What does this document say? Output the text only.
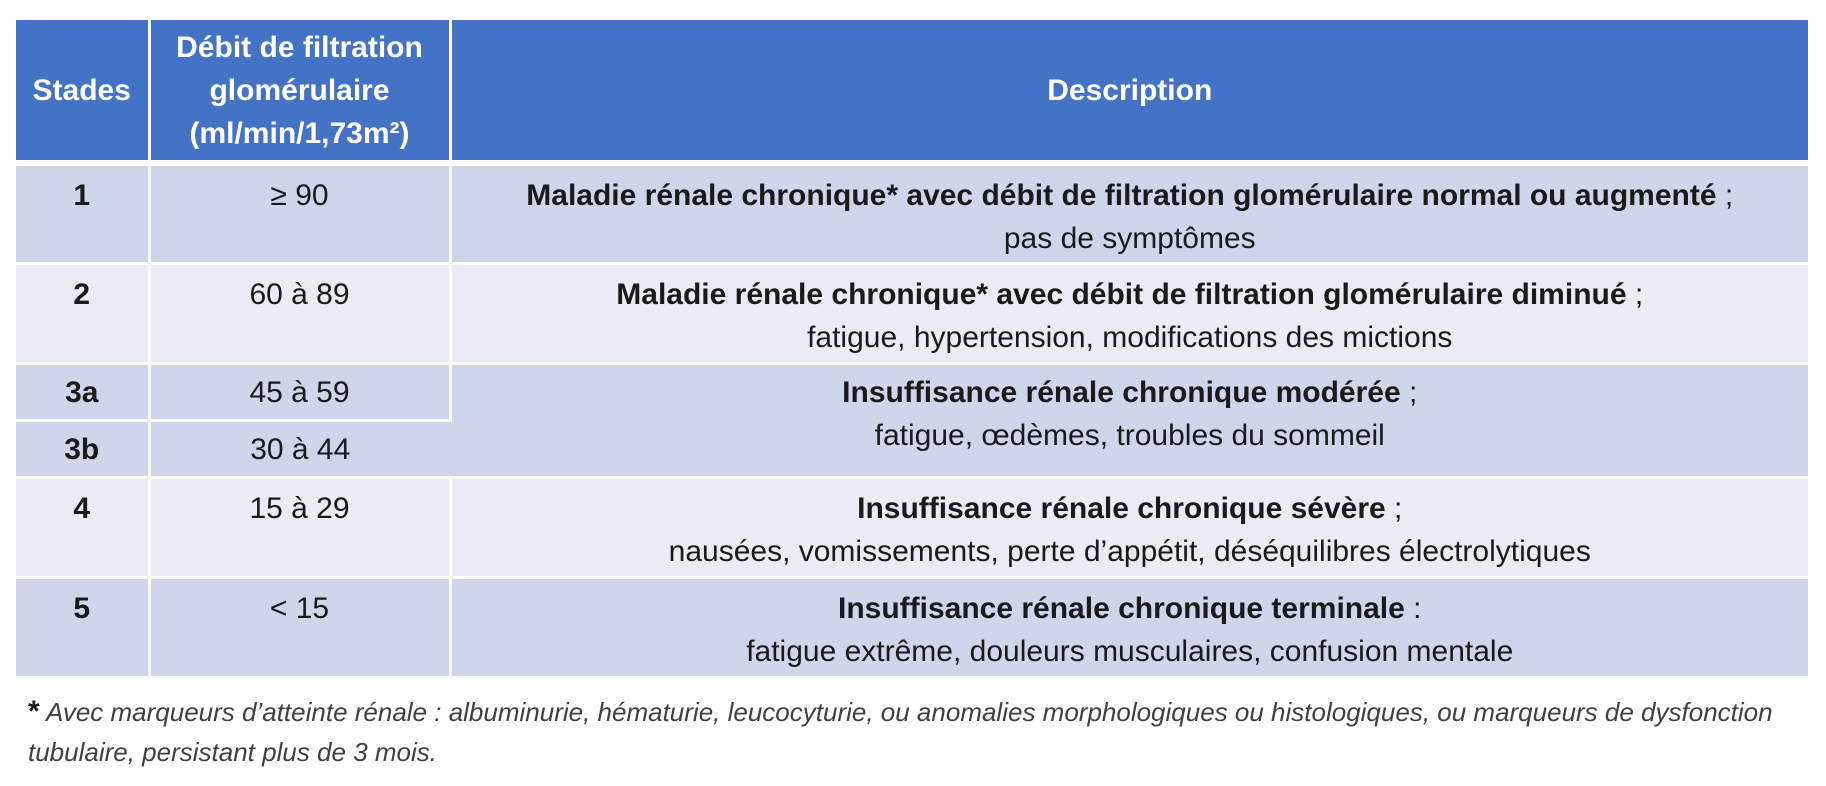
Stades	Débit de filtration
glomérulaire
(ml/min/1,73m²)	Description
1	≥ 90	Maladie rénale chronique* avec débit de filtration glomérulaire normal ou augmenté ;
pas de symptômes
2	60 à 89	Maladie rénale chronique* avec débit de filtration glomérulaire diminué ;
fatigue, hypertension, modifications des mictions
3a	45 à 59	Insuffisance rénale chronique modérée ;
fatigue, œdèmes, troubles du sommeil
3b	30 à 44	
4	15 à 29	Insuffisance rénale chronique sévère ;
nausées, vomissements, perte d’appétit, déséquilibres électrolytiques
5	< 15	Insuffisance rénale chronique terminale :
fatigue extrême, douleurs musculaires, confusion mentale
* Avec marqueurs d’atteinte rénale : albuminurie, hématurie, leucocyturie, ou anomalies morphologiques ou histologiques, ou marqueurs de dysfonction tubulaire, persistant plus de 3 mois.
